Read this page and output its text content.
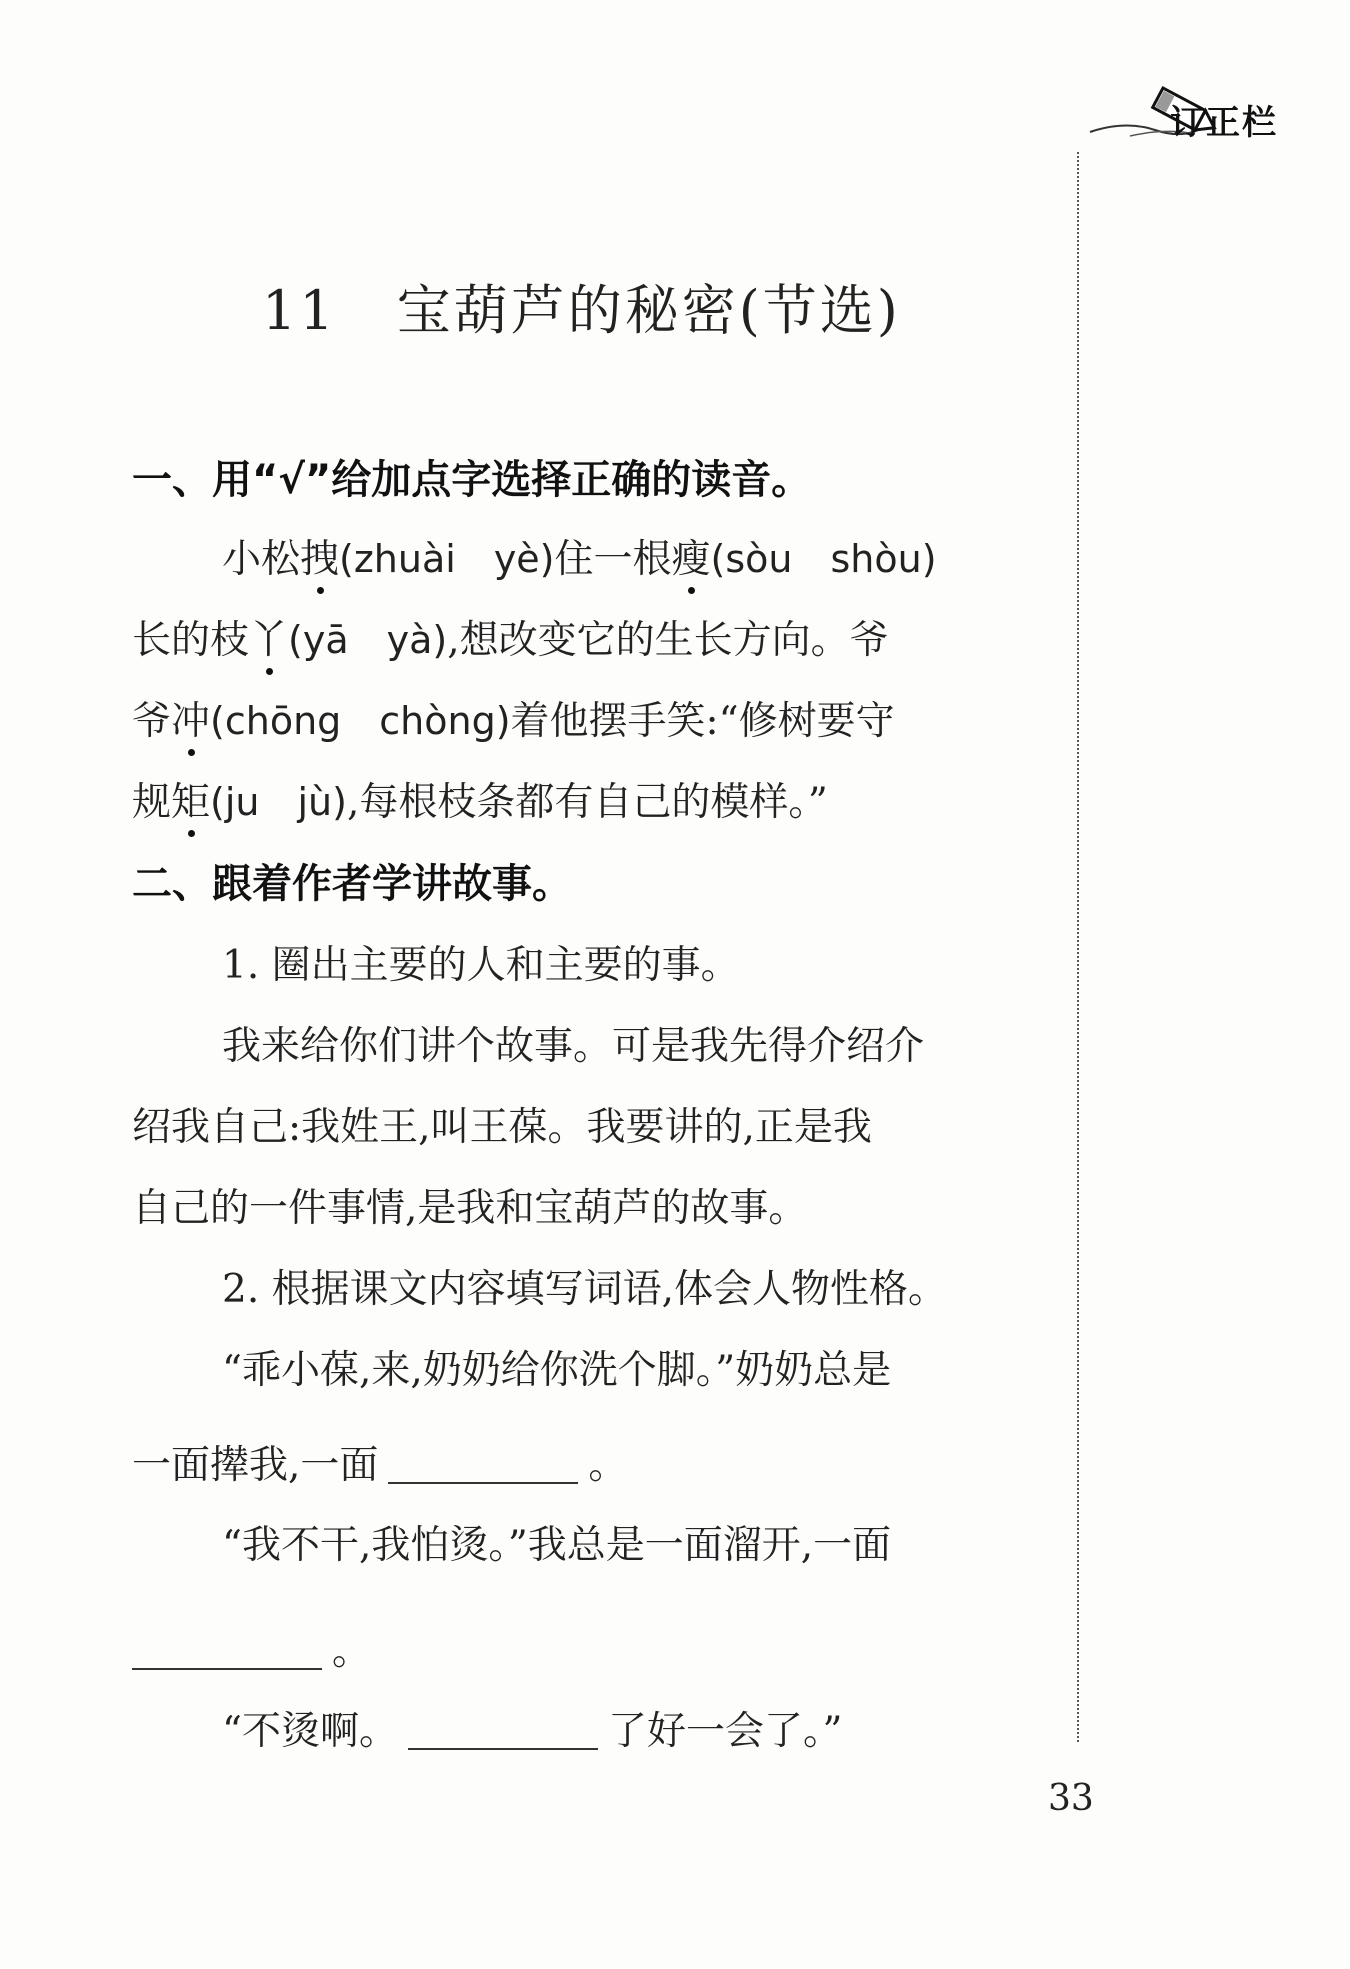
订正栏
11 宝葫芦的秘密(节选)
一、用“√”给加点字选择正确的读音。
小松拽(zhuài　yè)住一根瘦(sòu　shòu)
长的枝丫(yā　yà),想改变它的生长方向。爷
爷冲(chōng　chòng)着他摆手笑:“修树要守
规矩(ju　jù),每根枝条都有自己的模样。”
二、跟着作者学讲故事。
1. 圈出主要的人和主要的事。
我来给你们讲个故事。可是我先得介绍介
绍我自己:我姓王,叫王葆。我要讲的,正是我
自己的一件事情,是我和宝葫芦的故事。
2. 根据课文内容填写词语,体会人物性格。
“乖小葆,来,奶奶给你洗个脚。”奶奶总是
一面撵我,一面	。
“我不干,我怕烫。”我总是一面溜开,一面
。
“不烫啊。	了好一会了。”
33
